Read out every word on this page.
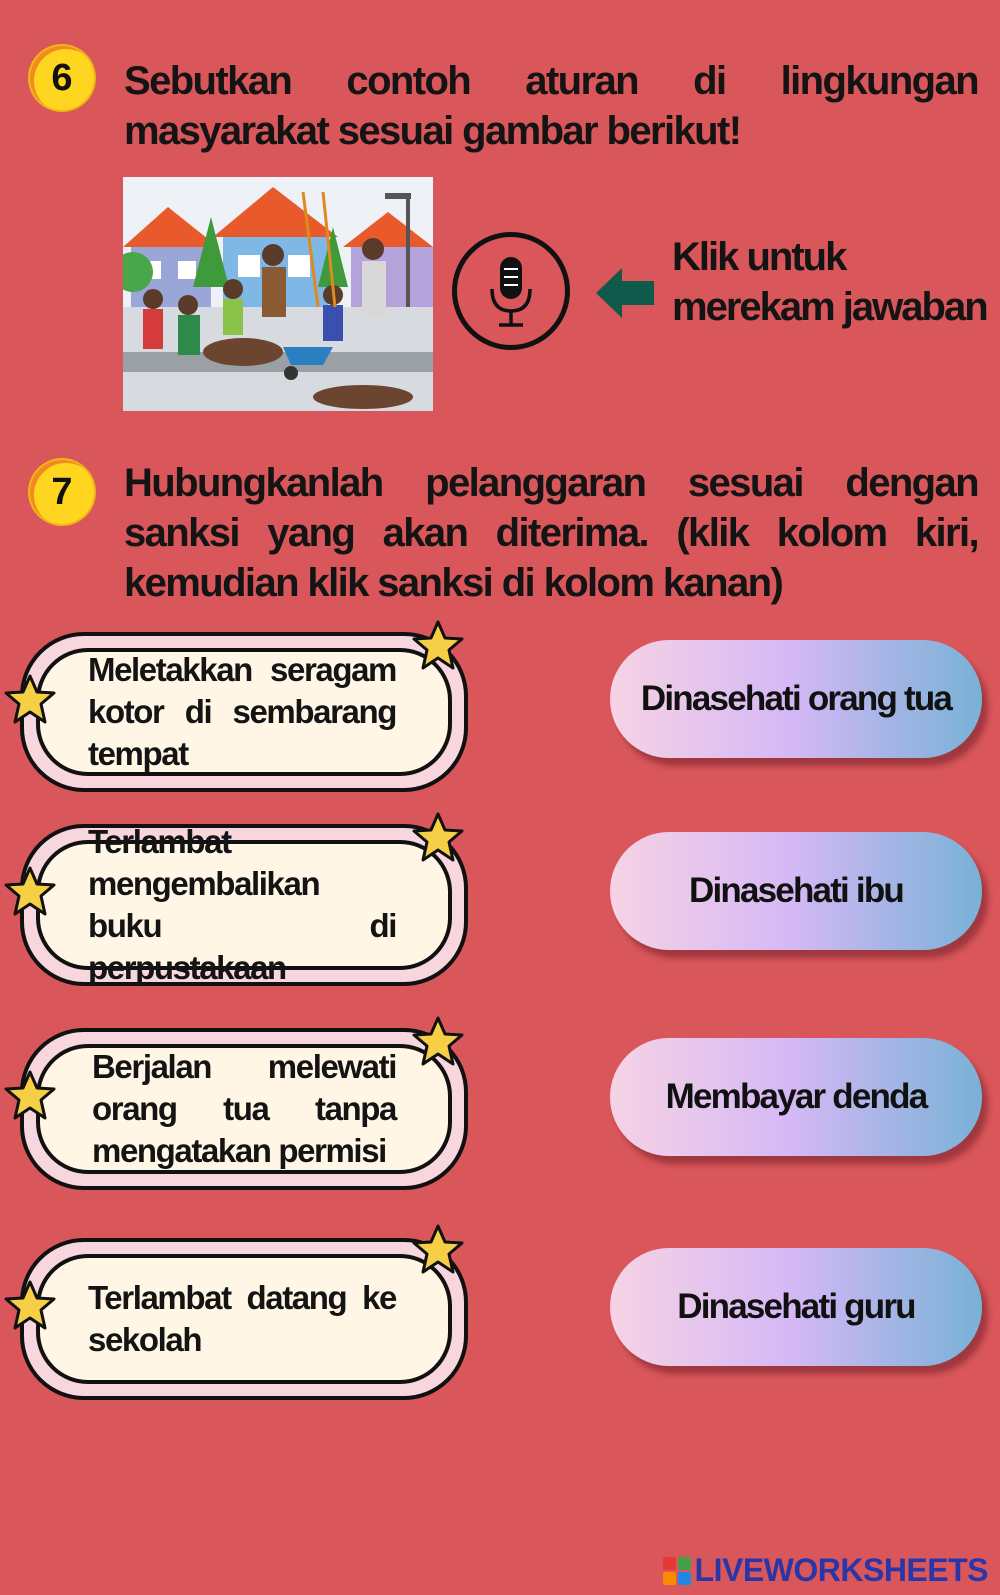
6	Sebutkan contoh aturan di lingkungan
masyarakat sesuai gambar berikut!
Klik untuk
merekam jawaban
7	Hubungkanlah pelanggaran sesuai dengan sanksi yang akan diterima. (klik kolom kiri, kemudian klik sanksi di kolom kanan)
Meletakkan seragam kotor di sembarang tempat
Terlambat mengembalikan buku di perpustakaan
Berjalan melewati orang tua tanpa mengatakan permisi
Terlambat datang ke sekolah
Dinasehati orang tua
Dinasehati ibu
Membayar denda
Dinasehati guru
LIVEWORKSHEETS
